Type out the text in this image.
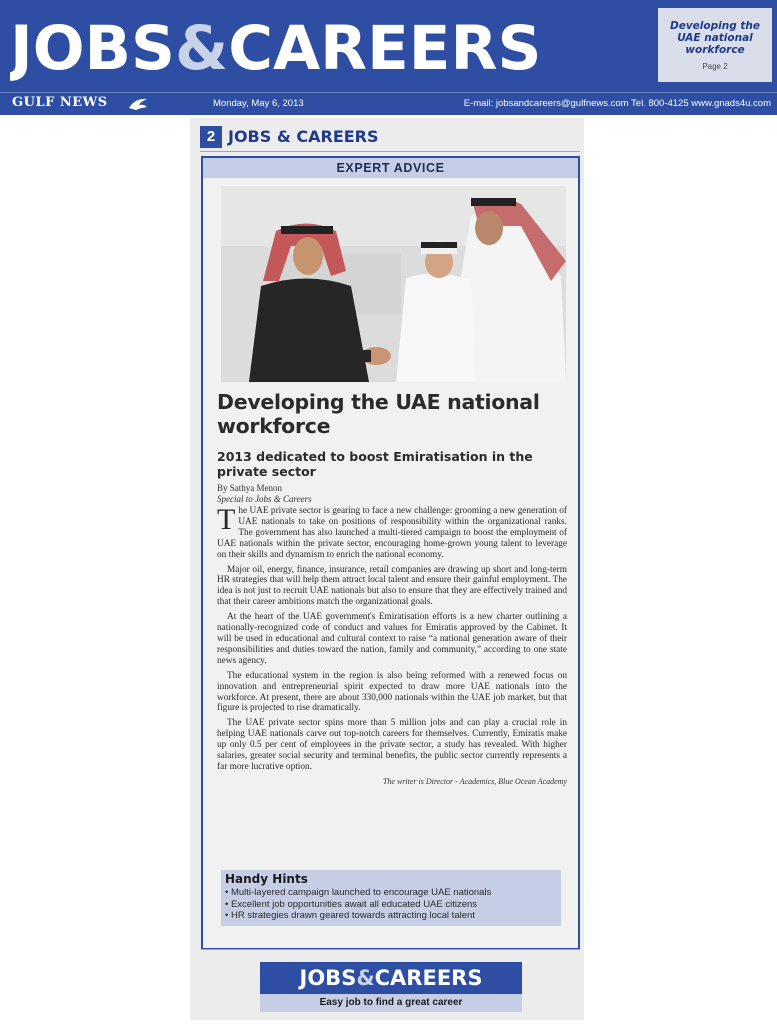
JOBS&CAREERS	Developing the UAE national workforce
Page 2
GULF NEWS	Monday, May 6, 2013	E-mail: jobsandcareers@gulfnews.com Tel. 800-4125 www.gnads4u.com
2 JOBS & CAREERS
EXPERT ADVICE
Developing the UAE national workforce
2013 dedicated to boost Emiratisation in the private sector
By Sathya Menon
Special to Jobs & Careers

The UAE private sector is gearing to face a new challenge: grooming a new generation of UAE nationals to take on positions of responsibility within the organizational ranks. The government has also launched a multi-tiered campaign to boost the employment of UAE nationals within the private sector, encouraging home-grown young talent to leverage on their skills and dynamism to enrich the national economy.

Major oil, energy, finance, insurance, retail companies are drawing up short and long-term HR strategies that will help them attract local talent and ensure their gainful employment. The idea is not just to recruit UAE nationals but also to ensure that they are effectively trained and that their career ambitions match the organizational goals.

At the heart of the UAE government's Emiratisation efforts is a new charter outlining a nationally-recognized code of conduct and values for Emiratis approved by the Cabinet. It will be used in educational and cultural context to raise “a national generation aware of their responsibilities and duties toward the nation, family and community,” according to one state news agency.

The educational system in the region is also being reformed with a renewed focus on innovation and entrepreneurial spirit expected to draw more UAE nationals into the workforce. At present, there are about 330,000 nationals within the UAE job market, but that figure is projected to rise dramatically.

The UAE private sector spins more than 5 million jobs and can play a crucial role in helping UAE nationals carve out top-notch careers for themselves. Currently, Emiratis make up only 0.5 per cent of employees in the private sector, a study has revealed. With higher salaries, greater social security and terminal benefits, the public sector currently represents a far more lucrative option.

The writer is Director - Academics, Blue Ocean Academy
Handy Hints
• Multi-layered campaign launched to encourage UAE nationals
• Excellent job opportunities await all educated UAE citizens
• HR strategies drawn geared towards attracting local talent
JOBS&CAREERS
Easy job to find a great career
